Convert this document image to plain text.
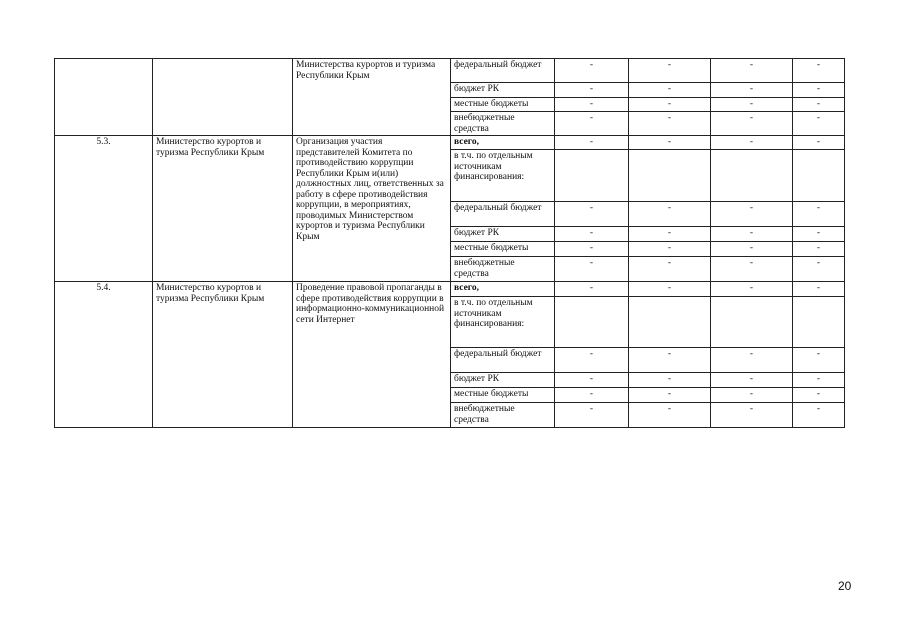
		Министерства курортов и туризма Республики Крым	федеральный бюджет	-	-	-	-
			бюджет РК	-	-	-	-
			местные бюджеты	-	-	-	-
			внебюджетные средства	-	-	-	-
5.3.	Министерство курортов и туризма Республики Крым	Организация участия представителей Комитета по противодействию коррупции Республики Крым и(или) должностных лиц, ответственных за работу в сфере противодействия коррупции, в мероприятиях, проводимых Министерством курортов и туризма Республики Крым	всего,	-	-	-	-
			в т.ч. по отдельным источникам финансирования:				
			федеральный бюджет	-	-	-	-
			бюджет РК	-	-	-	-
			местные бюджеты	-	-	-	-
			внебюджетные средства	-	-	-	-
5.4.	Министерство курортов и туризма Республики Крым	Проведение правовой пропаганды в сфере противодействия коррупции в информационно-коммуникационной сети Интернет	всего,	-	-	-	-
			в т.ч. по отдельным источникам финансирования:				
			федеральный бюджет	-	-	-	-
			бюджет РК	-	-	-	-
			местные бюджеты	-	-	-	-
			внебюджетные средства	-	-	-	-
20
